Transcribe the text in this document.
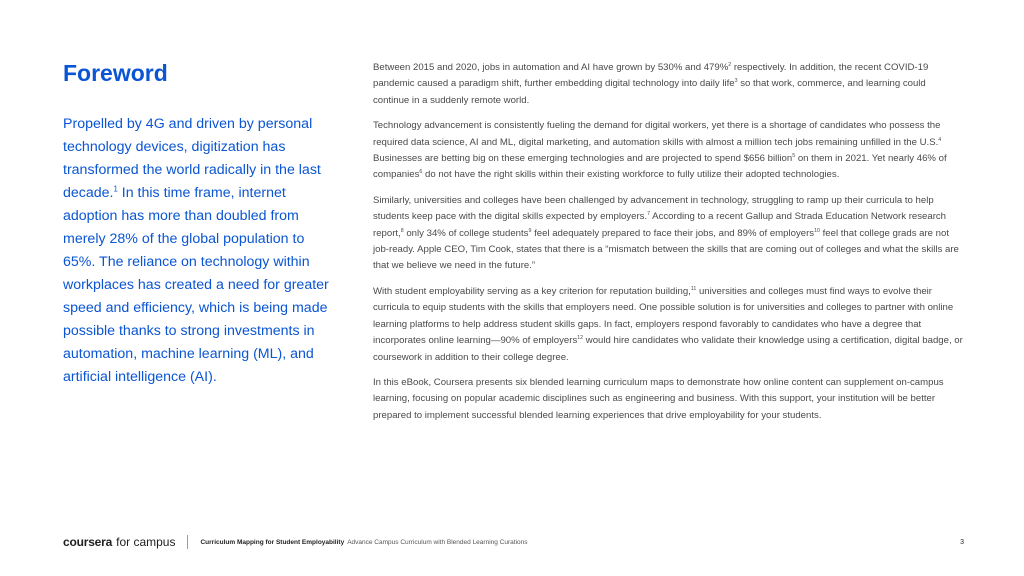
Foreword

Propelled by 4G and driven by personal technology devices, digitization has transformed the world radically in the last decade.$^1$ In this time frame, internet adoption has more than doubled from merely 28% of the global population to 65%. The reliance on technology within workplaces has created a need for greater speed and efficiency, which is being made possible thanks to strong investments in automation, machine learning (ML), and artificial intelligence (AI).

Between 2015 and 2020, jobs in automation and AI have grown by 530% and 479%$^2$ respectively. In addition, the recent COVID-19 pandemic caused a paradigm shift, further embedding digital technology into daily life$^3$ so that work, commerce, and learning could continue in a suddenly remote world.

Technology advancement is consistently fueling the demand for digital workers, yet there is a shortage of candidates who possess the required data science, AI and ML, digital marketing, and automation skills with almost a million tech jobs remaining unfilled in the U.S.$^4$ Businesses are betting big on these emerging technologies and are projected to spend $656 billion$^5$ on them in 2021. Yet nearly 46% of companies$^6$ do not have the right skills within their existing workforce to fully utilize their adopted technologies.

Similarly, universities and colleges have been challenged by advancement in technology, struggling to ramp up their curricula to help students keep pace with the digital skills expected by employers.$^7$ According to a recent Gallup and Strada Education Network research report,$^8$ only 34% of college students$^9$ feel adequately prepared to face their jobs, and 89% of employers$^{10}$ feel that college grads are not job-ready. Apple CEO, Tim Cook, states that there is a “mismatch between the skills that are coming out of colleges and what the skills are that we believe we need in the future.”

With student employability serving as a key criterion for reputation building,$^{11}$ universities and colleges must find ways to evolve their curricula to equip students with the skills that employers need. One possible solution is for universities and colleges to partner with online learning platforms to help address student skills gaps. In fact, employers respond favorably to candidates who have a degree that incorporates online learning—90% of employers$^{12}$ would hire candidates who validate their knowledge using a certification, digital badge, or coursework in addition to their college degree.

In this eBook, Coursera presents six blended learning curriculum maps to demonstrate how online content can supplement on-campus learning, focusing on popular academic disciplines such as engineering and business. With this support, your institution will be better prepared to implement successful blended learning experiences that drive employability for your students.

coursera for campus	Curriculum Mapping for Student Employability Advance Campus Curriculum with Blended Learning Curations	3
